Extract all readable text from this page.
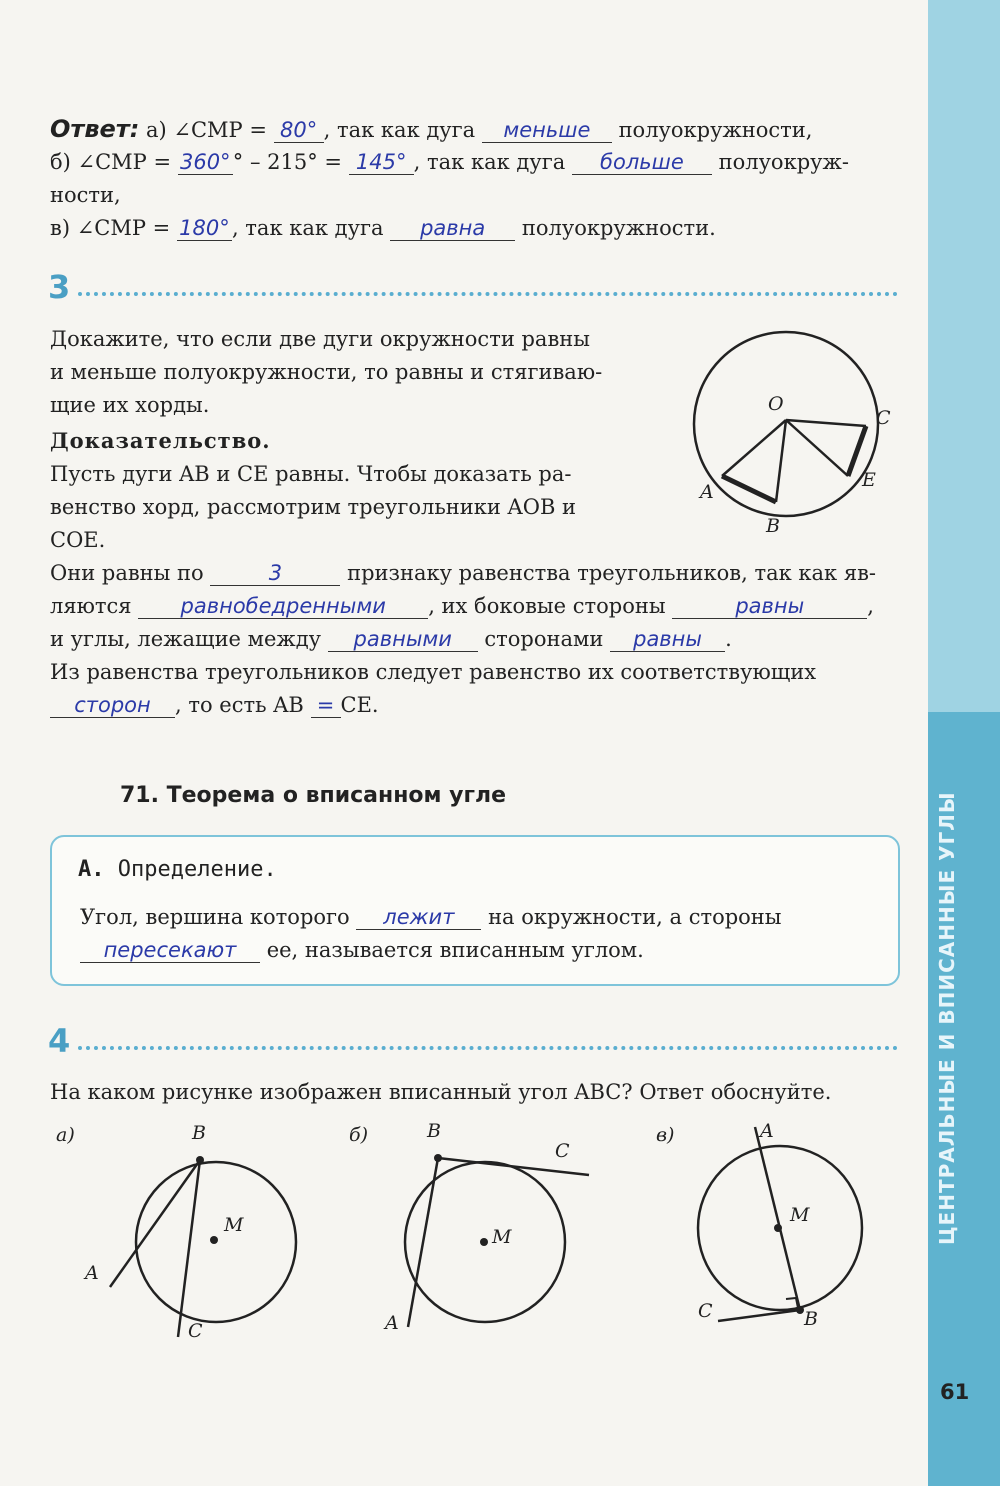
ЦЕНТРАЛЬНЫЕ И ВПИСАННЫЕ УГЛЫ
61
Ответ: а) ∠CMP = 80° , так как дуга меньше полуокружности,
б) ∠CMP = 360° ° – 215° = 145° , так как дуга больше полуокруж-
ности,
в) ∠CMP = 180° , так как дуга равна полуокружности.
3
Докажите, что если две дуги окружности равны
и меньше полуокружности, то равны и стягиваю-
щие их хорды.
Доказательство.
Пусть дуги AB и CE равны. Чтобы доказать ра-
венство хорд, рассмотрим треугольники AOB и
COE.
Они равны по	3	признаку равенства треугольников, так как яв-
ляются равнобедренными , их боковые стороны	равны	,
и углы, лежащие между равными сторонами равны .
Из равенства треугольников следует равенство их соответствующих
сторон , то есть AB = CE.
O
C
E
A
B
71. Теорема о вписанном угле
А. Определение.
Угол, вершина которого лежит на окружности, а стороны
пересекают ее, называется вписанным углом.
4
На каком рисунке изображен вписанный угол ABC? Ответ обоснуйте.
а)	B
M
A
C
б)	B
C
M
A
в)	A
M
C	B
